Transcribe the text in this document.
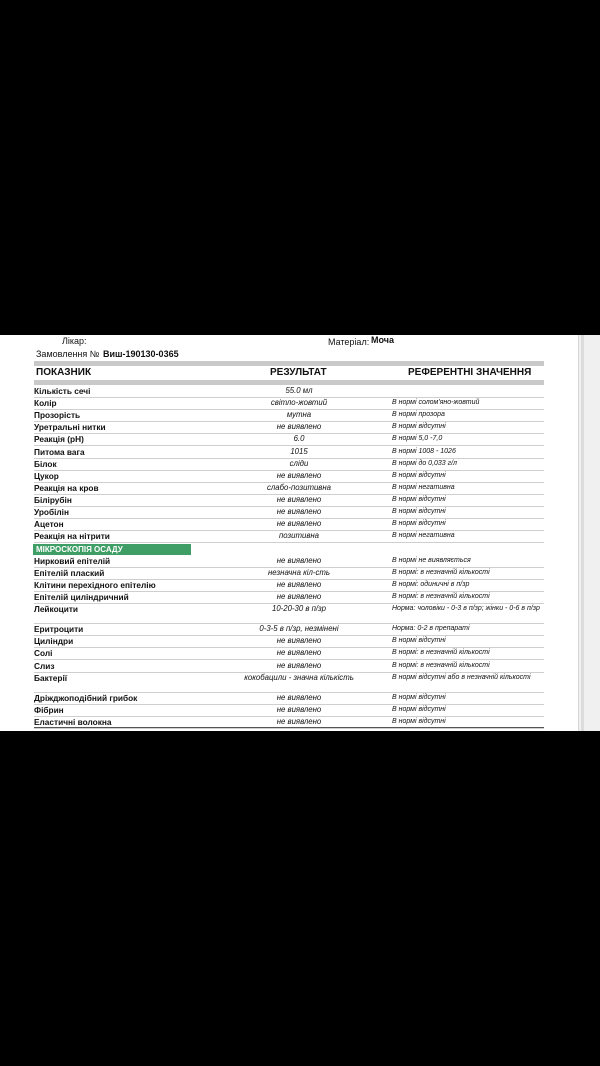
Лікар:	Матеріал: Моча
Замовлення № Виш-190130-0365
ПОКАЗНИК	РЕЗУЛЬТАТ	РЕФЕРЕНТНІ ЗНАЧЕННЯ
Кількість сечі	55.0 мл
Колір	світло-жовтий	В нормі солом'яно-жовтий
Прозорість	мутна	В нормі прозора
Уретральні нитки	не виявлено	В нормі відсутні
Реакція (pH)	6.0	В нормі 5,0 -7,0
Питома вага	1015	В нормі 1008 - 1026
Білок	сліди	В нормі до 0,033 г/л
Цукор	не виявлено	В нормі відсутні
Реакція на кров	слабо-позитивна	В нормі негативна
Білірубін	не виявлено	В нормі відсутні
Уробілін	не виявлено	В нормі відсутні
Ацетон	не виявлено	В нормі відсутні
Реакція на нітрити	позитивна	В нормі негативна
МІКРОСКОПІЯ ОСАДУ
Нирковий епітелій	не виявлено	В нормі не виявляється
Епітелій плаский	незначна кіл-сть	В нормі: в незначній кількості
Клітини перехідного епітелію	не виявлено	В нормі: одиничні в п/зр
Епітелій циліндричний	не виявлено	В нормі: в незначній кількості
Лейкоцити	10-20-30 в п/зр	Норма: чоловіки - 0-3 в п/зр; жінки - 0-6 в п/зр
Еритроцити	0-3-5 в п/зр, незмінені	Норма: 0-2 в препараті
Циліндри	не виявлено	В нормі відсутні
Солі	не виявлено	В нормі: в незначній кількості
Слиз	не виявлено	В нормі: в незначній кількості
Бактерії	кокобацили - значна кількість	В нормі відсутні або в незначній кількості
Дріжджоподібний грибок	не виявлено	В нормі відсутні
Фібрин	не виявлено	В нормі відсутні
Еластичні волокна	не виявлено	В нормі відсутні
